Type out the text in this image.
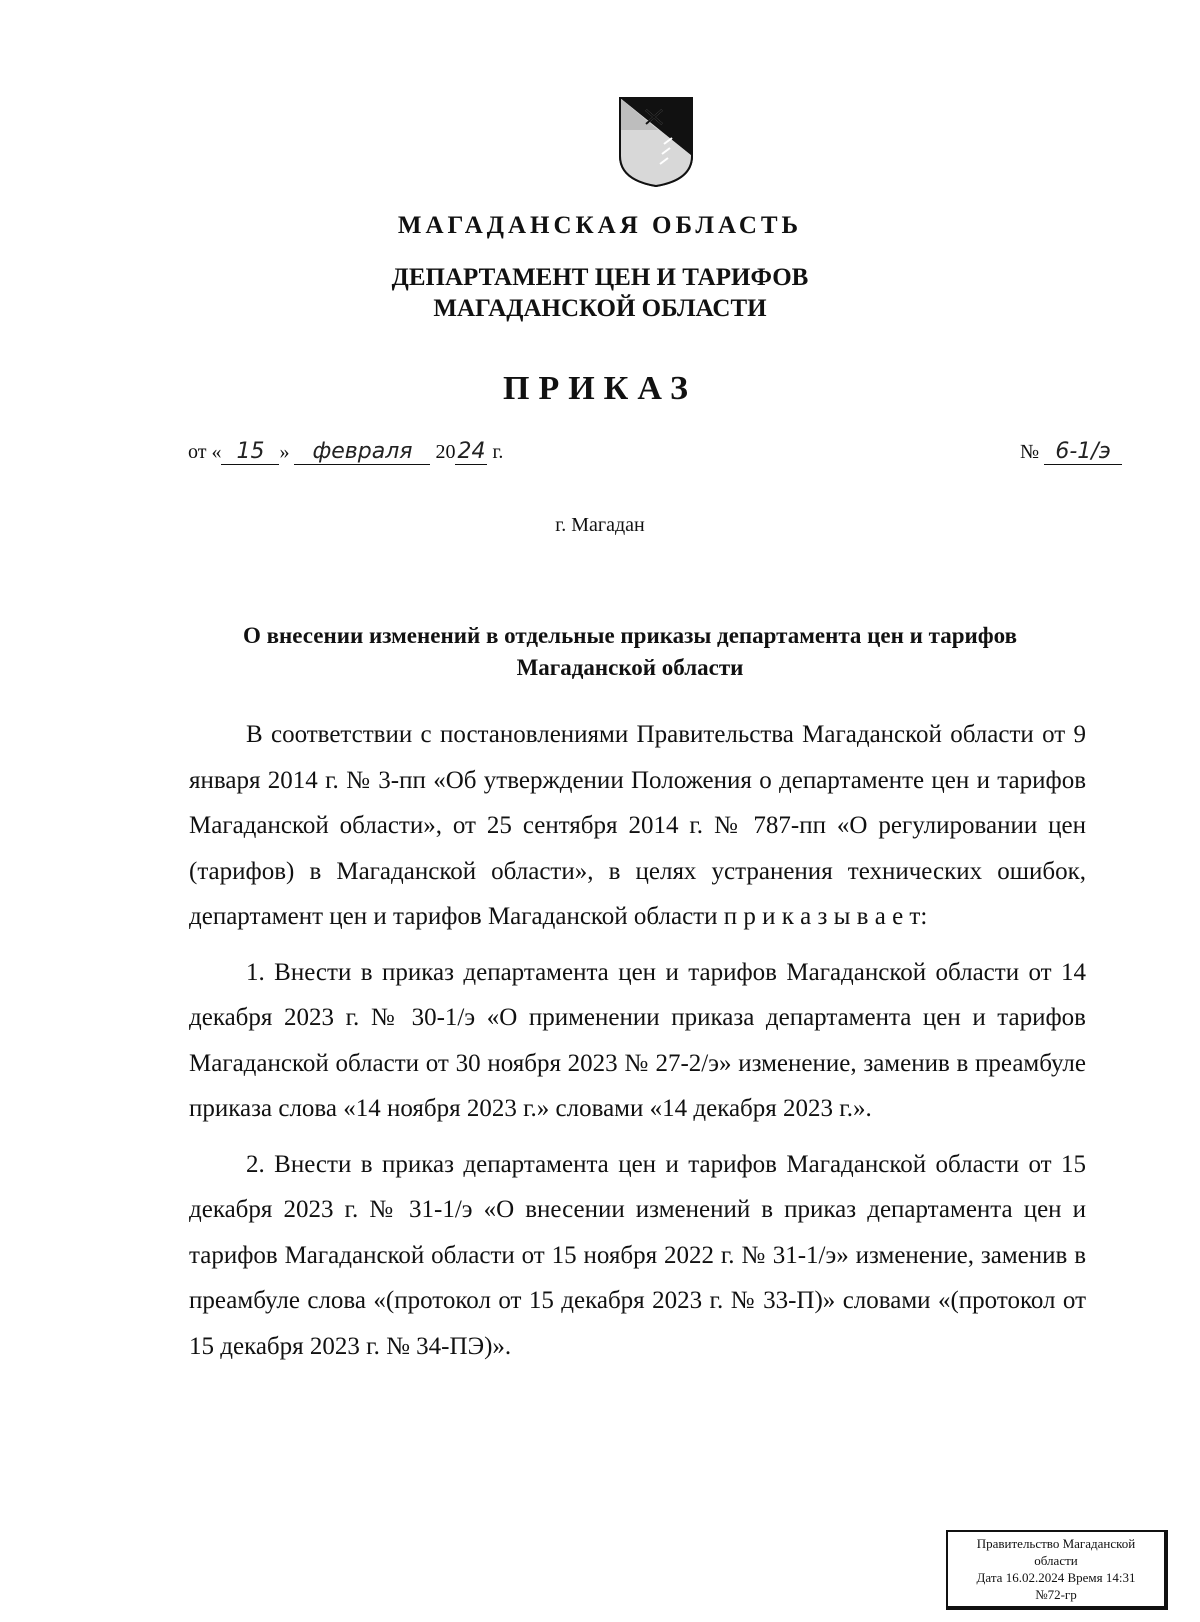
МАГАДАНСКАЯ ОБЛАСТЬ
ДЕПАРТАМЕНТ ЦЕН И ТАРИФОВ
МАГАДАНСКОЙ ОБЛАСТИ
ПРИКАЗ
от « 15 » февраля 2024 г.	№ 6-1/э
г. Магадан
О внесении изменений в отдельные приказы департамента цен и тарифов Магаданской области

В соответствии с постановлениями Правительства Магаданской области от 9 января 2014 г. № 3-пп «Об утверждении Положения о департаменте цен и тарифов Магаданской области», от 25 сентября 2014 г. № 787-пп «О регулировании цен (тарифов) в Магаданской области», в целях устранения технических ошибок, департамент цен и тарифов Магаданской области п р и к а з ы в а е т:

1. Внести в приказ департамента цен и тарифов Магаданской области от 14 декабря 2023 г. № 30-1/э «О применении приказа департамента цен и тарифов Магаданской области от 30 ноября 2023 № 27-2/э» изменение, заменив в преамбуле приказа слова «14 ноября 2023 г.» словами «14 декабря 2023 г.».

2. Внести в приказ департамента цен и тарифов Магаданской области от 15 декабря 2023 г. № 31-1/э «О внесении изменений в приказ департамента цен и тарифов Магаданской области от 15 ноября 2022 г. № 31-1/э» изменение, заменив в преамбуле слова «(протокол от 15 декабря 2023 г. № 33-П)» словами «(протокол от 15 декабря 2023 г. № 34-ПЭ)».

Правительство Магаданской
области
Дата 16.02.2024 Время 14:31
№72-гр
